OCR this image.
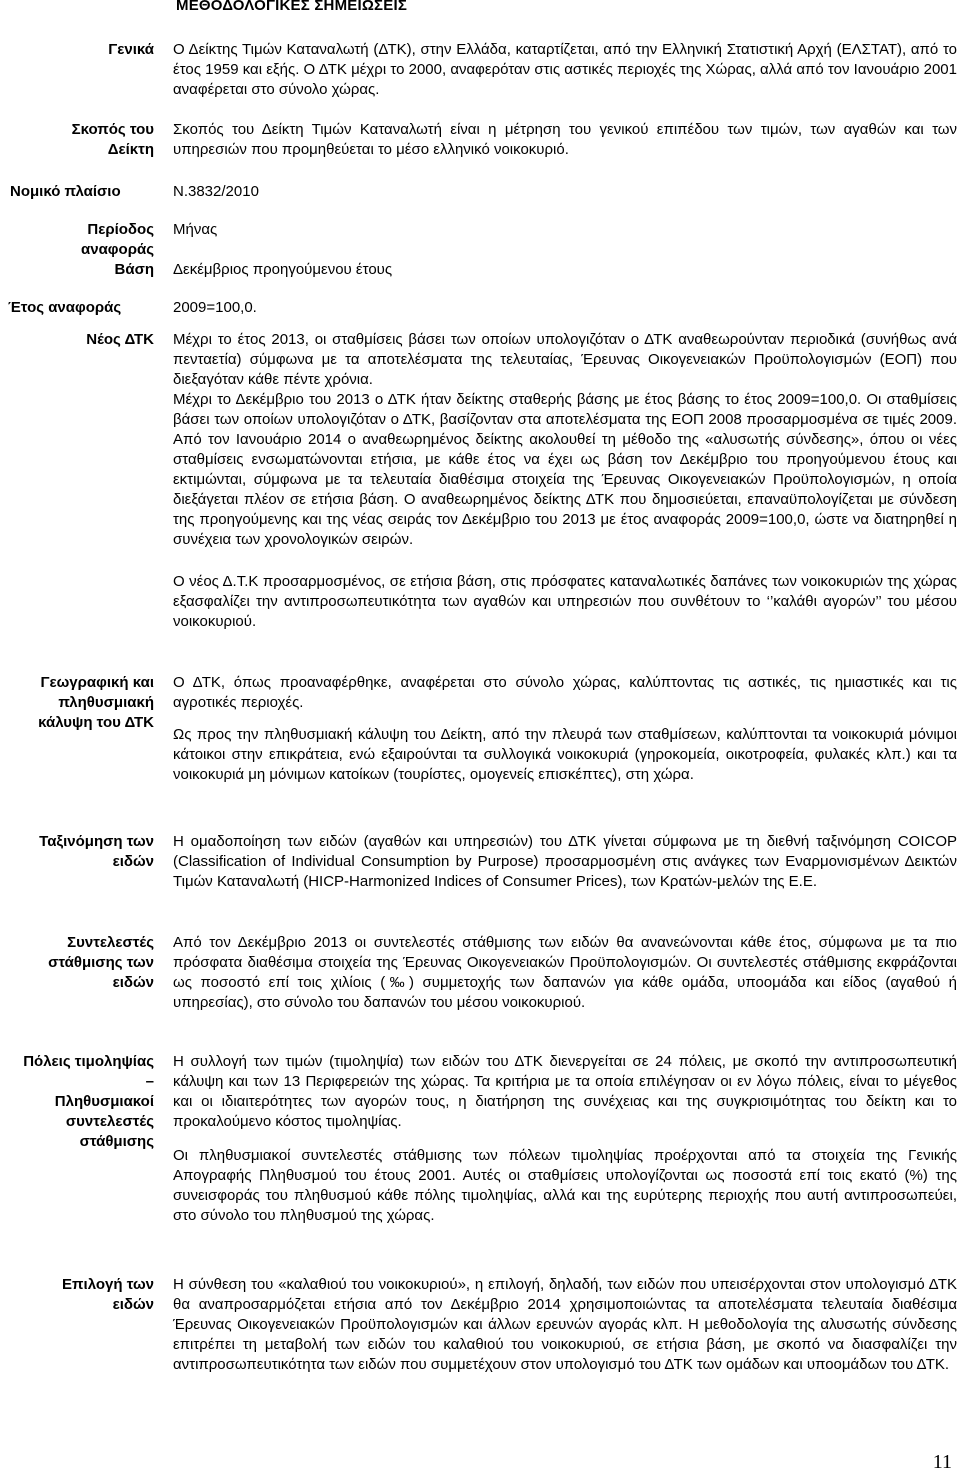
ΜΕΘΟΔΟΛΟΓΙΚΕΣ ΣΗΜΕΙΩΣΕΙΣ
Γενικά Ο Δείκτης Τιμών Καταναλωτή (ΔΤΚ), στην Ελλάδα, καταρτίζεται, από την Ελληνική Στατιστική Αρχή (ΕΛΣΤΑΤ), από το έτος 1959 και εξής. Ο ΔΤΚ μέχρι το 2000, αναφερόταν στις αστικές περιοχές της Χώρας, αλλά από τον Ιανουάριο 2001 αναφέρεται στο σύνολο χώρας.

Σκοπός του
Δείκτη

Σκοπός του Δείκτη Τιμών Καταναλωτή είναι η μέτρηση του γενικού επιπέδου των τιμών, των αγαθών και των υπηρεσιών που προμηθεύεται το μέσο ελληνικό νοικοκυριό.

Νομικό πλαίσιο	Ν.3832/2010

Περίοδος
αναφοράς

Μήνας

Βάση Δεκέμβριος προηγούμενου έτους

Έτος αναφοράς	2009=100,0.

Νέος ΔΤΚ Μέχρι το έτος 2013, οι σταθμίσεις βάσει των οποίων υπολογιζόταν ο ΔΤΚ αναθεωρούνταν περιοδικά (συνήθως ανά πενταετία) σύμφωνα με τα αποτελέσματα της τελευταίας, Έρευνας Οικογενειακών Προϋπολογισμών (ΕΟΠ) που διεξαγόταν κάθε πέντε χρόνια.

Μέχρι το Δεκέμβριο του 2013 ο ΔΤΚ ήταν δείκτης σταθερής βάσης με έτος βάσης το έτος 2009=100,0. Οι σταθμίσεις βάσει των οποίων υπολογιζόταν ο ΔΤΚ, βασίζονταν στα αποτελέσματα της ΕΟΠ 2008 προσαρμοσμένα σε τιμές 2009. Από τον Ιανουάριο 2014 ο αναθεωρημένος δείκτης ακολουθεί τη μέθοδο της «αλυσωτής σύνδεσης», όπου οι νέες σταθμίσεις ενσωματώνονται ετήσια, με κάθε έτος να έχει ως βάση τον Δεκέμβριο του προηγούμενου έτους και εκτιμώνται, σύμφωνα με τα τελευταία διαθέσιμα στοιχεία της Έρευνας Οικογενειακών Προϋπολογισμών, η οποία διεξάγεται πλέον σε ετήσια βάση. Ο αναθεωρημένος δείκτης ΔΤΚ που δημοσιεύεται, επαναϋπολογίζεται με σύνδεση της προηγούμενης και της νέας σειράς τον Δεκέμβριο του 2013 με έτος αναφοράς 2009=100,0, ώστε να διατηρηθεί η συνέχεια των χρονολογικών σειρών.

Ο νέος Δ.Τ.Κ προσαρμοσμένος, σε ετήσια βάση, στις πρόσφατες καταναλωτικές δαπάνες των νοικοκυριών της χώρας εξασφαλίζει την αντιπροσωπευτικότητα των αγαθών και υπηρεσιών που συνθέτουν το ‘’καλάθι αγορών’’ του μέσου νοικοκυριού.

Γεωγραφική και
πληθυσμιακή
κάλυψη του ΔΤΚ

Ο ΔΤΚ, όπως προαναφέρθηκε, αναφέρεται στο σύνολο χώρας, καλύπτοντας τις αστικές, τις ημιαστικές και τις αγροτικές περιοχές.

Ως προς την πληθυσμιακή κάλυψη του Δείκτη, από την πλευρά των σταθμίσεων, καλύπτονται τα νοικοκυριά μόνιμοι κάτοικοι στην επικράτεια, ενώ εξαιρούνται τα συλλογικά νοικοκυριά (γηροκομεία, οικοτροφεία, φυλακές κλπ.) και τα νοικοκυριά μη μόνιμων κατοίκων (τουρίστες, ομογενείς επισκέπτες), στη χώρα.

Ταξινόμηση των
ειδών

Η ομαδοποίηση των ειδών (αγαθών και υπηρεσιών) του ΔΤΚ γίνεται σύμφωνα με τη διεθνή ταξινόμηση COICOP (Classification of Individual Consumption by Purpose) προσαρμοσμένη στις ανάγκες των Εναρμονισμένων Δεικτών Τιμών Καταναλωτή (HICP-Harmonized Indices of Consumer Prices), των Κρατών-μελών της Ε.Ε.

Συντελεστές
στάθμισης των
ειδών

Από τον Δεκέμβριο 2013 οι συντελεστές στάθμισης των ειδών θα ανανεώνονται κάθε έτος, σύμφωνα με τα πιο πρόσφατα διαθέσιμα στοιχεία της Έρευνας Οικογενειακών Προϋπολογισμών. Οι συντελεστές στάθμισης εκφράζονται ως ποσοστό επί τοις χιλίοις (‰) συμμετοχής των δαπανών για κάθε ομάδα, υποομάδα και είδος (αγαθού ή υπηρεσίας), στο σύνολο του δαπανών του μέσου νοικοκυριού.

Πόλεις τιμοληψίας
–
Πληθυσμιακοί
συντελεστές
στάθμισης

Η συλλογή των τιμών (τιμοληψία) των ειδών του ΔΤΚ διενεργείται σε 24 πόλεις, με σκοπό την αντιπροσωπευτική κάλυψη και των 13 Περιφερειών της χώρας. Τα κριτήρια με τα οποία επιλέγησαν οι εν λόγω πόλεις, είναι το μέγεθος και οι ιδιαιτερότητες των αγορών τους, η διατήρηση της συνέχειας και της συγκρισιμότητας του δείκτη και το προκαλούμενο κόστος τιμοληψίας.

Οι πληθυσμιακοί συντελεστές στάθμισης των πόλεων τιμοληψίας προέρχονται από τα στοιχεία της Γενικής Απογραφής Πληθυσμού του έτους 2001. Αυτές οι σταθμίσεις υπολογίζονται ως ποσοστά επί τοις εκατό (%) της συνεισφοράς του πληθυσμού κάθε πόλης τιμοληψίας, αλλά και της ευρύτερης περιοχής που αυτή αντιπροσωπεύει, στο σύνολο του πληθυσμού της χώρας.

Επιλογή των
ειδών

Η σύνθεση του «καλαθιού του νοικοκυριού», η επιλογή, δηλαδή, των ειδών που υπεισέρχονται στον υπολογισμό ΔΤΚ θα αναπροσαρμόζεται ετήσια από τον Δεκέμβριο 2014 χρησιμοποιώντας τα αποτελέσματα τελευταία διαθέσιμα Έρευνας Οικογενειακών Προϋπολογισμών και άλλων ερευνών αγοράς κλπ. Η μεθοδολογία της αλυσωτής σύνδεσης επιτρέπει τη μεταβολή των ειδών του καλαθιού του νοικοκυριού, σε ετήσια βάση, με σκοπό να διασφαλίζει την αντιπροσωπευτικότητα των ειδών που συμμετέχουν στον υπολογισμό του ΔΤΚ των ομάδων και υποομάδων του ΔΤΚ.

11
